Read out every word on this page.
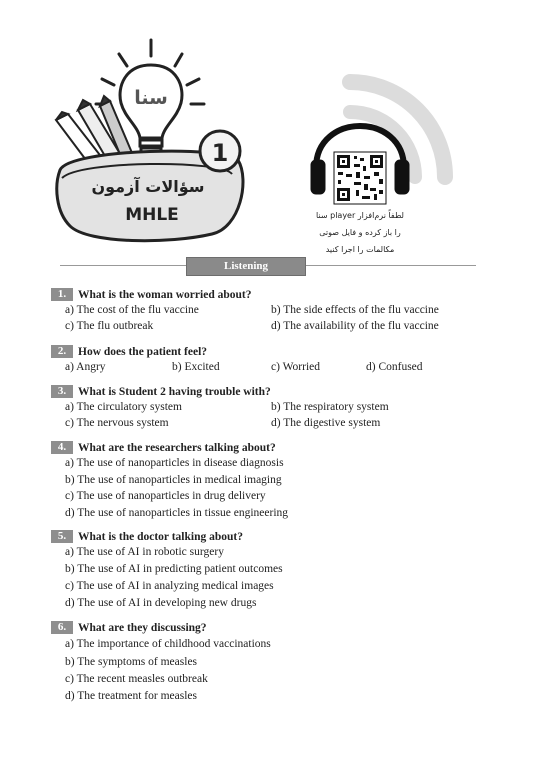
سنا
سؤالات آزمون
MHLE
1
لطفاً نرم‌افزار player سنا
را باز کرده و فایل صوتی
مکالمات را اجرا کنید
Listening
1.	What is the woman worried about?
a) The cost of the flu vaccine	b) The side effects of the flu vaccine
c) The flu outbreak	d) The availability of the flu vaccine
2.	How does the patient feel?
a) Angry	b) Excited	c) Worried	d) Confused
3.	What is Student 2 having trouble with?
a) The circulatory system	b) The respiratory system
c) The nervous system	d) The digestive system
4.	What are the researchers talking about?
a) The use of nanoparticles in disease diagnosis
b) The use of nanoparticles in medical imaging
c) The use of nanoparticles in drug delivery
d) The use of nanoparticles in tissue engineering
5.	What is the doctor talking about?
a) The use of AI in robotic surgery
b) The use of AI in predicting patient outcomes
c) The use of AI in analyzing medical images
d) The use of AI in developing new drugs
6.	What are they discussing?
a) The importance of childhood vaccinations
b) The symptoms of measles
c) The recent measles outbreak
d) The treatment for measles
